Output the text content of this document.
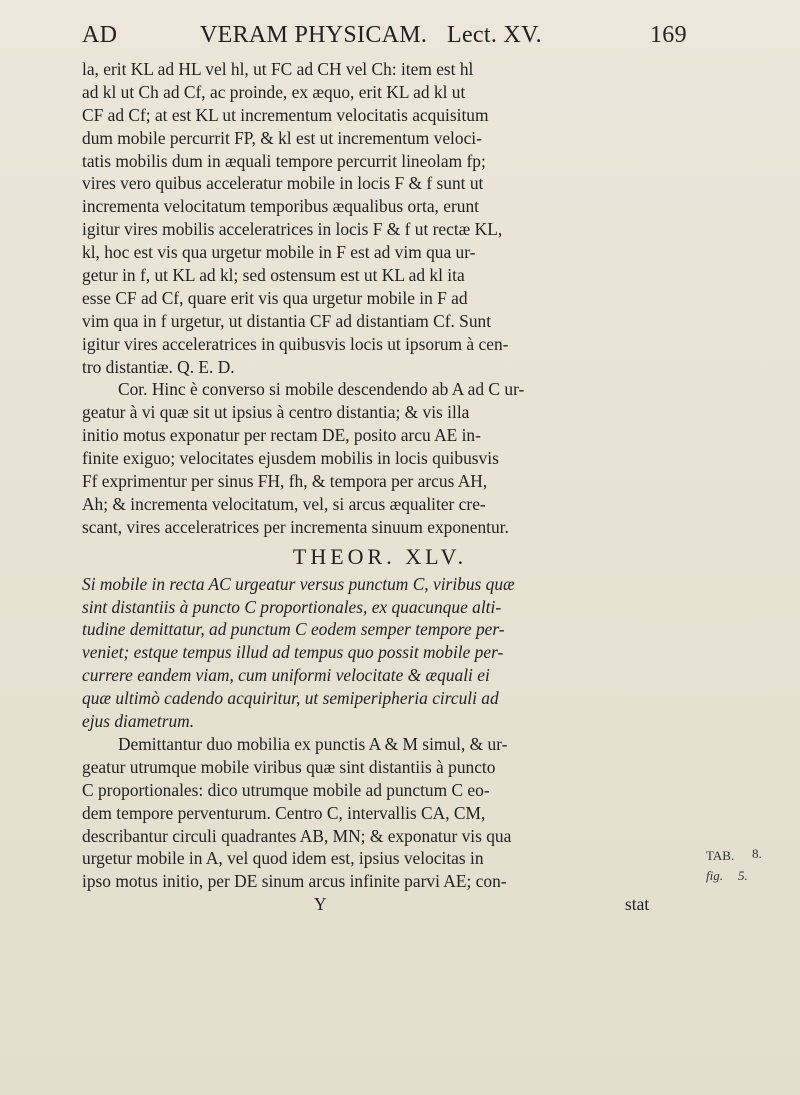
AD	VERAM PHYSICAM. Lect. XV.	169
la, erit KL ad HL vel hl, ut FC ad CH vel Ch: item est hl
ad kl ut Ch ad Cf, ac proinde, ex æquo, erit KL ad kl ut
CF ad Cf; at est KL ut incrementum velocitatis acquisitum
dum mobile percurrit FP, & kl est ut incrementum veloci-
tatis mobilis dum in æquali tempore percurrit lineolam fp;
vires vero quibus acceleratur mobile in locis F & f sunt ut
incrementa velocitatum temporibus æqualibus orta, erunt
igitur vires mobilis acceleratrices in locis F & f ut rectæ KL,
kl, hoc est vis qua urgetur mobile in F est ad vim qua ur-
getur in f, ut KL ad kl; sed ostensum est ut KL ad kl ita
esse CF ad Cf, quare erit vis qua urgetur mobile in F ad
vim qua in f urgetur, ut distantia CF ad distantiam Cf. Sunt
igitur vires acceleratrices in quibusvis locis ut ipsorum à cen-
tro distantiæ. Q. E. D.
Cor. Hinc è converso si mobile descendendo ab A ad C ur-
geatur à vi quæ sit ut ipsius à centro distantia; & vis illa
initio motus exponatur per rectam DE, posito arcu AE in-
finite exiguo; velocitates ejusdem mobilis in locis quibusvis
Ff exprimentur per sinus FH, fh, & tempora per arcus AH,
Ah; & incrementa velocitatum, vel, si arcus æqualiter cre-
scant, vires acceleratrices per incrementa sinuum exponentur.
THEOR. XLV.
Si mobile in recta AC urgeatur versus punctum C, viribus quæ
sint distantiis à puncto C proportionales, ex quacunque alti-
tudine demittatur, ad punctum C eodem semper tempore per-
veniet; estque tempus illud ad tempus quo possit mobile per-
currere eandem viam, cum uniformi velocitate & æquali ei
quæ ultimò cadendo acquiritur, ut semiperipheria circuli ad
ejus diametrum.
Demittantur duo mobilia ex punctis A & M simul, & ur-
geatur utrumque mobile viribus quæ sint distantiis à puncto
C proportionales: dico utrumque mobile ad punctum C eo-
dem tempore perventurum. Centro C, intervallis CA, CM,
describantur circuli quadrantes AB, MN; & exponatur vis qua
urgetur mobile in A, vel quod idem est, ipsius velocitas in
ipso motus initio, per DE sinum arcus infinite parvi AE; con-
Y	stat
TAB. 8.
fig. 5.
